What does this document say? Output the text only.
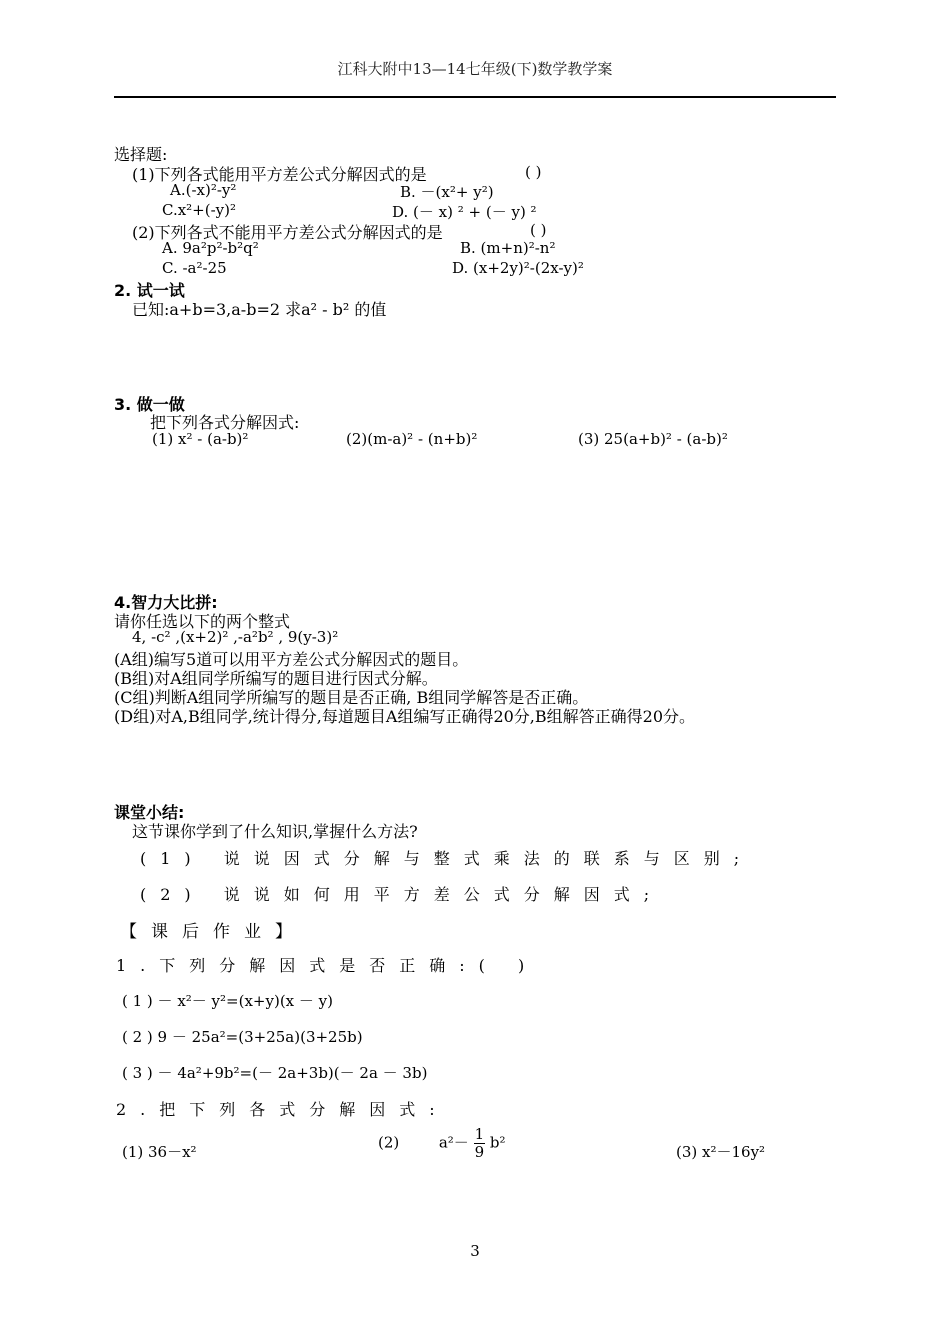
江科大附中13—14七年级(下)数学教学案
选择题:
(1)下列各式能用平方差公式分解因式的是	( )
A.(-x)²-y²	B. －(x²+ y²)
C.x²+(-y)²	D. (－ x) ² + (－ y) ²
(2)下列各式不能用平方差公式分解因式的是	( )
A. 9a²p²-b²q²	B. (m+n)²-n²
C. -a²-25	D. (x+2y)²-(2x-y)²
2. 试一试
已知:a+b=3,a-b=2 求a² - b² 的值
3. 做一做
把下列各式分解因式:
(1) x² - (a-b)²	(2)(m-a)² - (n+b)²	(3) 25(a+b)² - (a-b)²
4.智力大比拼:
请你任选以下的两个整式
4, -c² ,(x+2)² ,-a²b² , 9(y-3)²
(A组)编写5道可以用平方差公式分解因式的题目。
(B组)对A组同学所编写的题目进行因式分解。
(C组)判断A组同学所编写的题目是否正确, B组同学解答是否正确。
(D组)对A,B组同学,统计得分,每道题目A组编写正确得20分,B组解答正确得20分。
课堂小结:
这节课你学到了什么知识,掌握什么方法?
(1) 说说因式分解与整式乘法的联系与区别;
(2) 说说如何用平方差公式分解因式;
【课后作业】
1.下列分解因式是否正确:( )
( 1 ) － x²－ y²=(x+y)(x － y)
( 2 ) 9 － 25a²=(3+25a)(3+25b)
( 3 ) － 4a²+9b²=(－ 2a+3b)(－ 2a － 3b)
2.把下列各式分解因式:
(1) 36－x²
(2)	$a^2- \frac{1}{9} b^2$
(3) x²－16y²
3
